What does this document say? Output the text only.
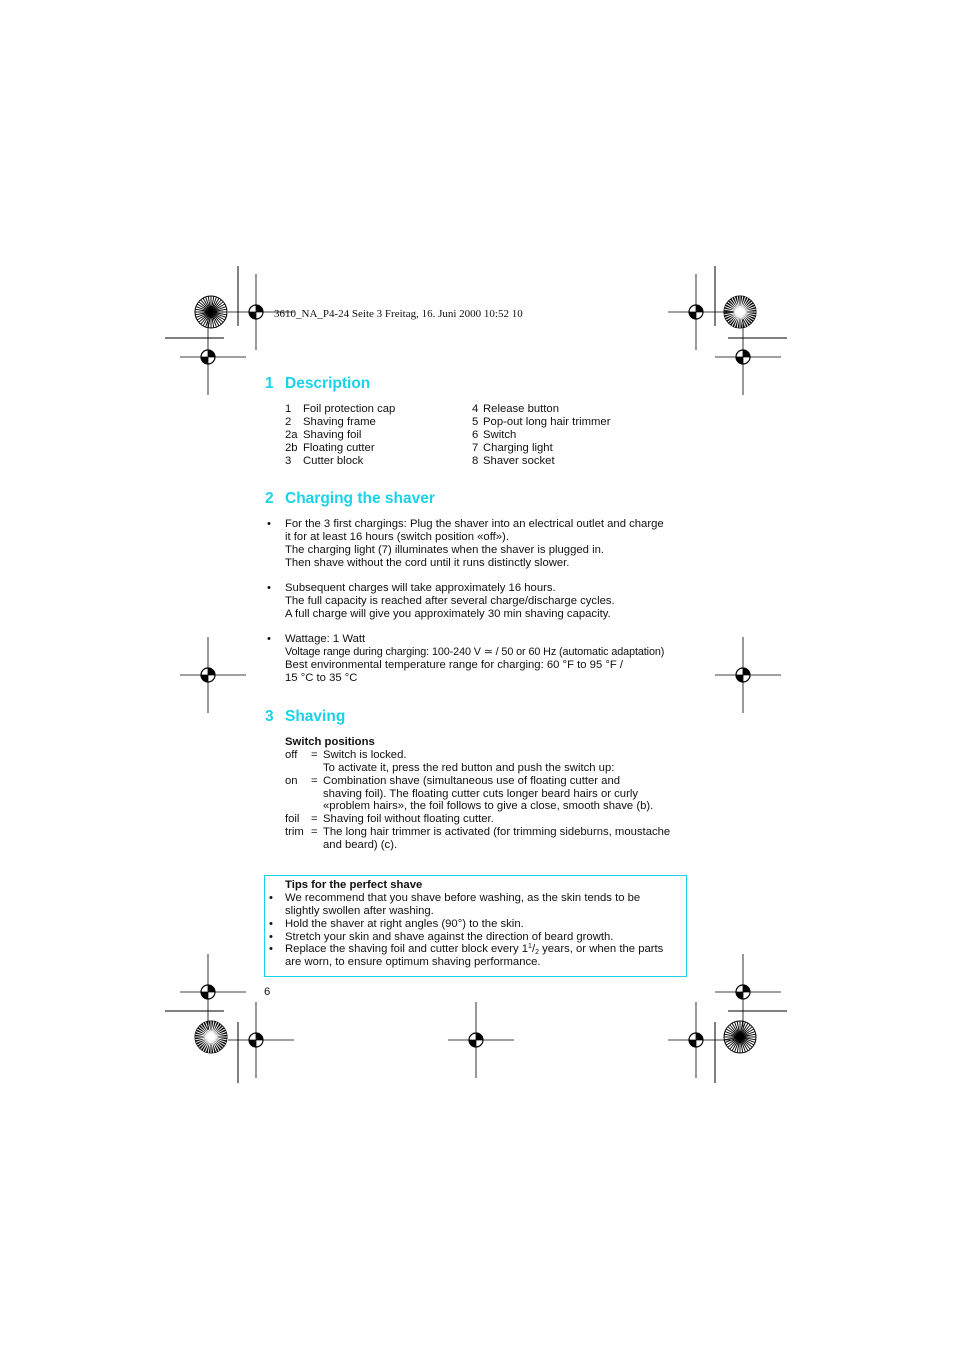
3610_NA_P4-24 Seite 3 Freitag, 16. Juni 2000 10:52 10
1 Description
1 Foil protection cap
2 Shaving frame
2a Shaving foil
2b Floating cutter
3 Cutter block
4 Release button
5 Pop-out long hair trimmer
6 Switch
7 Charging light
8 Shaver socket
2 Charging the shaver
• For the 3 first chargings: Plug the shaver into an electrical outlet and charge
it for at least 16 hours (switch position «off»).
The charging light (7) illuminates when the shaver is plugged in.
Then shave without the cord until it runs distinctly slower.
• Subsequent charges will take approximately 16 hours.
The full capacity is reached after several charge/discharge cycles.
A full charge will give you approximately 30 min shaving capacity.
• Wattage: 1 Watt
Voltage range during charging: 100-240 V ≃ / 50 or 60 Hz (automatic adaptation)
Best environmental temperature range for charging: 60 °F to 95 °F /
15 °C to 35 °C
3 Shaving
Switch positions
off = Switch is locked.
To activate it, press the red button and push the switch up:
on = Combination shave (simultaneous use of floating cutter and
shaving foil). The floating cutter cuts longer beard hairs or curly
«problem hairs», the foil follows to give a close, smooth shave (b).
foil = Shaving foil without floating cutter.
trim = The long hair trimmer is activated (for trimming sideburns, moustache
and beard) (c).
Tips for the perfect shave
• We recommend that you shave before washing, as the skin tends to be
slightly swollen after washing.
• Hold the shaver at right angles (90°) to the skin.
• Stretch your skin and shave against the direction of beard growth.
• Replace the shaving foil and cutter block every $1^1/_2$ years, or when the parts
are worn, to ensure optimum shaving performance.
6
